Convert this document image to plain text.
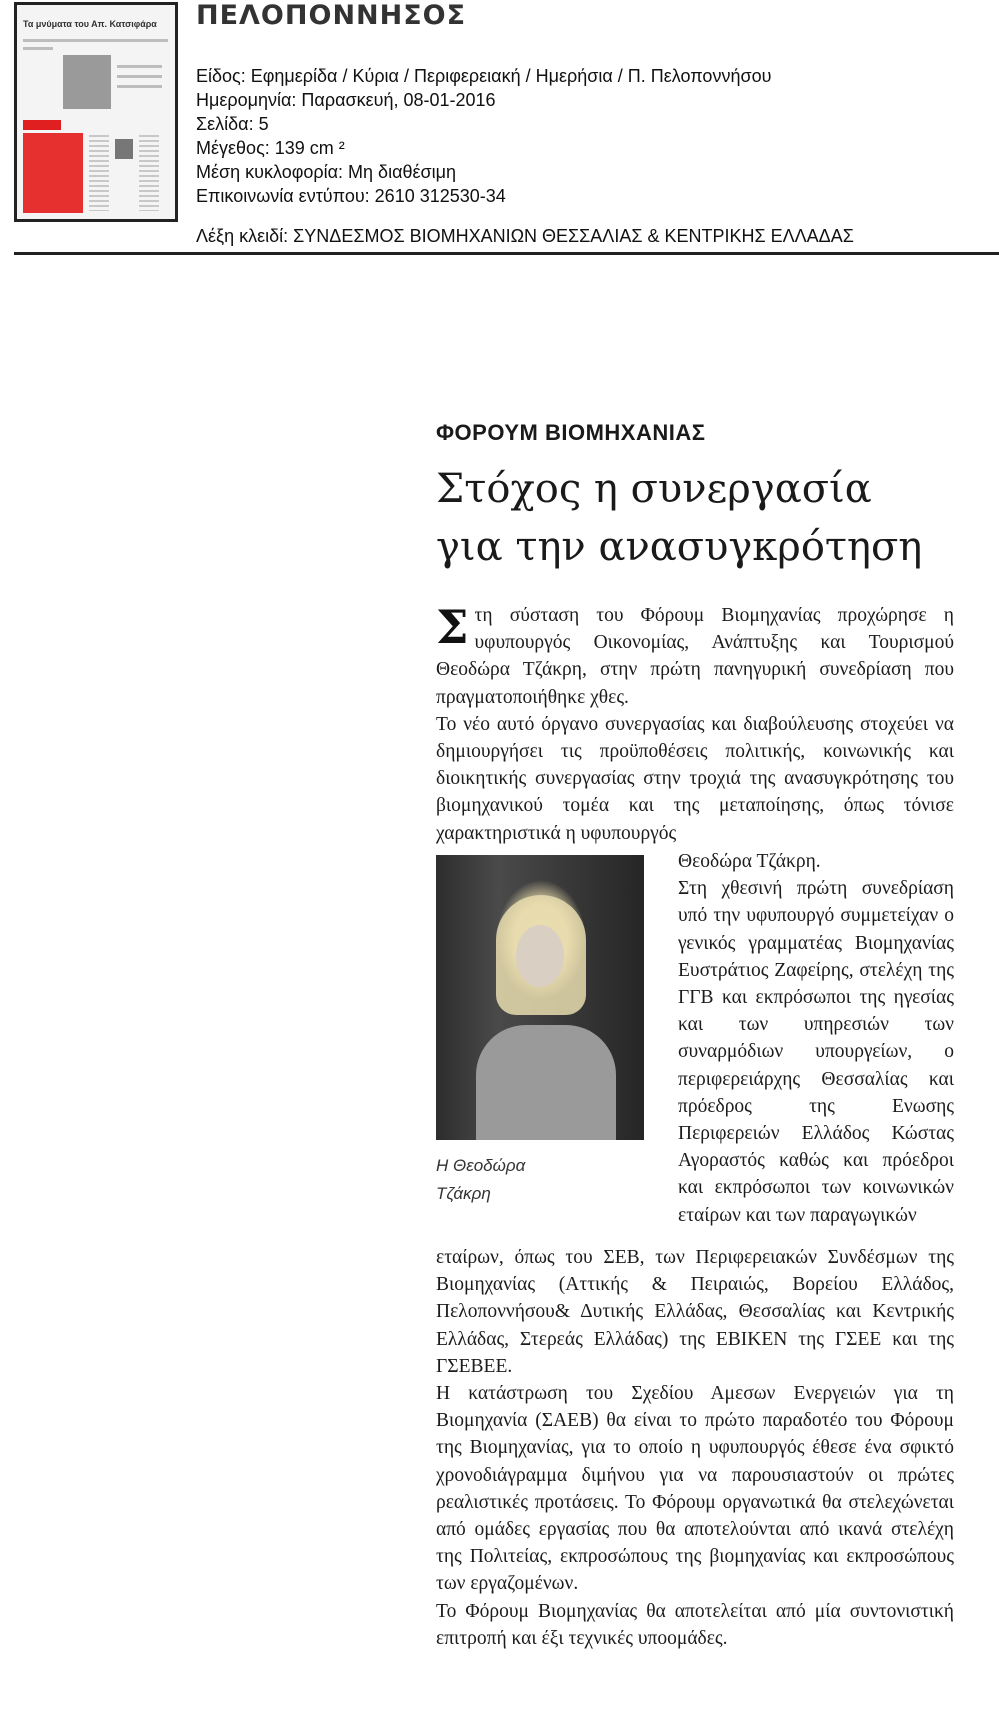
Τα μνύματα του Απ. Κατσιφάρα ΠΕΛΟΠΟΝΝΗΣΟΣ
Είδος: Εφημερίδα / Κύρια / Περιφερειακή / Ημερήσια / Π. Πελοποννήσου
Ημερομηνία: Παρασκευή, 08-01-2016
Σελίδα: 5
Μέγεθος: 139 cm ²
Μέση κυκλοφορία: Μη διαθέσιμη
Επικοινωνία εντύπου: 2610 312530-34
Λέξη κλειδί: ΣΥΝΔΕΣΜΟΣ ΒΙΟΜΗΧΑΝΙΩΝ ΘΕΣΣΑΛΙΑΣ & ΚΕΝΤΡΙΚΗΣ ΕΛΛΑΔΑΣ
ΦΟΡΟΥΜ ΒΙΟΜΗΧΑΝΙΑΣ
Στόχος η συνεργασία
για την ανασυγκρότηση

Στη σύσταση του Φόρουμ Βιομηχανίας προχώρησε η υφυπουργός Οικονομίας, Ανάπτυξης και Τουρισμού Θεοδώρα Τζάκρη, στην πρώτη πανηγυρική συνεδρίαση που πραγματοποιήθηκε χθες.

Το νέο αυτό όργανο συνεργασίας και διαβούλευσης στοχεύει να δημιουργήσει τις προϋποθέσεις πολιτικής, κοινωνικής και διοικητικής συνεργασίας στην τροχιά της ανασυγκρότησης του βιομηχανικού τομέα και της μεταποίησης, όπως τόνισε χαρακτηριστικά η υφυπουργός

Η Θεοδώρα
Τζάκρη

Θεοδώρα Τζάκρη.

Στη χθεσινή πρώτη συνεδρίαση υπό την υφυπουργό συμμετείχαν ο γενικός γραμματέας Βιομηχανίας Ευστράτιος Ζαφείρης, στελέχη της ΓΓΒ και εκπρόσωποι της ηγεσίας και των υπηρεσιών των συναρμόδιων υπουργείων, ο περιφερειάρχης Θεσσαλίας και πρόεδρος της Ενωσης Περιφερειών Ελλάδος Κώστας Αγοραστός καθώς και πρόεδροι και εκπρόσωποι των κοινωνικών εταίρων και των παραγωγικών

εταίρων, όπως του ΣΕΒ, των Περιφερειακών Συνδέσμων της Βιομηχανίας (Αττικής & Πειραιώς, Βορείου Ελλάδος, Πελοποννήσου& Δυτικής Ελλάδας, Θεσσαλίας και Κεντρικής Ελλάδας, Στερεάς Ελλάδας) της ΕΒΙΚΕΝ της ΓΣΕΕ και της ΓΣΕΒΕΕ.

Η κατάστρωση του Σχεδίου Αμεσων Ενεργειών για τη Βιομηχανία (ΣΑΕΒ) θα είναι το πρώτο παραδοτέο του Φόρουμ της Βιομηχανίας, για το οποίο η υφυπουργός έθεσε ένα σφικτό χρονοδιάγραμμα διμήνου για να παρουσιαστούν οι πρώτες ρεαλιστικές προτάσεις. Το Φόρουμ οργανωτικά θα στελεχώνεται από ομάδες εργασίας που θα αποτελούνται από ικανά στελέχη της Πολιτείας, εκπροσώπους της βιομηχανίας και εκπροσώπους των εργαζομένων.

Το Φόρουμ Βιομηχανίας θα αποτελείται από μία συντονιστική επιτροπή και έξι τεχνικές υποομάδες.
